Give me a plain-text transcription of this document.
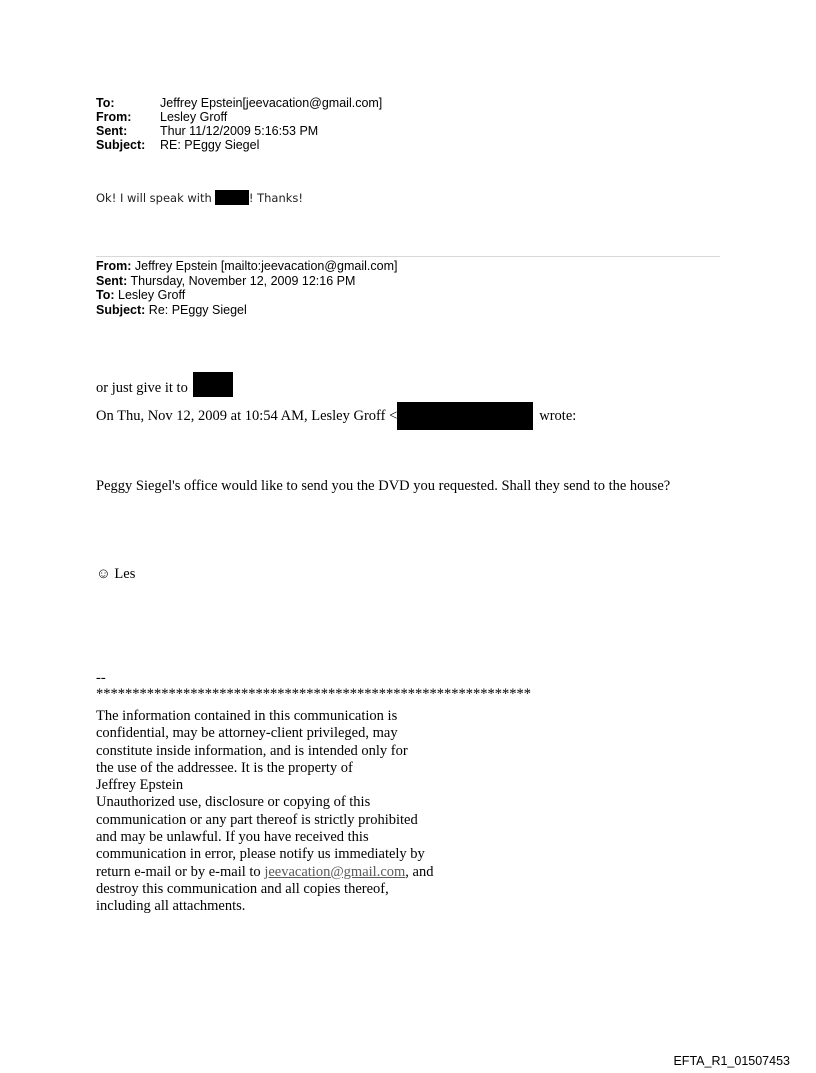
To:	Jeffrey Epstein[jeevacation@gmail.com]
From:	Lesley Groff
Sent:	Thur 11/12/2009 5:16:53 PM
Subject:	RE: PEggy Siegel
Ok! I will speak with	! Thanks!
From: Jeffrey Epstein [mailto:jeevacation@gmail.com]
Sent: Thursday, November 12, 2009 12:16 PM
To: Lesley Groff
Subject: Re: PEggy Siegel
or just give it to
On Thu, Nov 12, 2009 at 10:54 AM, Lesley Groff <	wrote:
Peggy Siegel's office would like to send you the DVD you requested. Shall they send to the house?
☺ Les
--
************************************************************
The information contained in this communication is
confidential, may be attorney-client privileged, may
constitute inside information, and is intended only for
the use of the addressee. It is the property of
Jeffrey Epstein
Unauthorized use, disclosure or copying of this
communication or any part thereof is strictly prohibited
and may be unlawful. If you have received this
communication in error, please notify us immediately by
return e-mail or by e-mail to jeevacation@gmail.com, and
destroy this communication and all copies thereof,
including all attachments.
EFTA_R1_01507453
